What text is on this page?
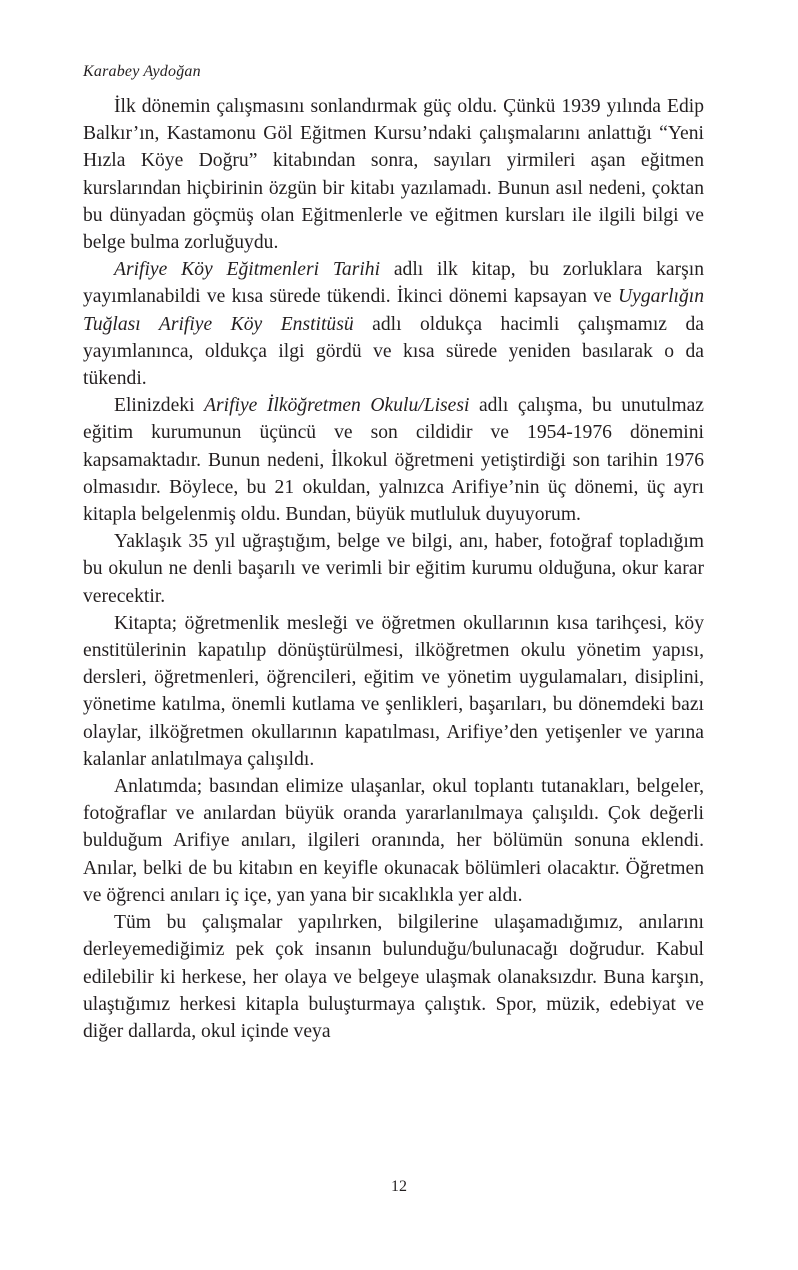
Karabey Aydoğan

İlk dönemin çalışmasını sonlandırmak güç oldu. Çünkü 1939 yılında Edip Balkır’ın, Kastamonu Göl Eğitmen Kursu’ndaki çalışmalarını anlattığı “Yeni Hızla Köye Doğru” kitabından sonra, sayıları yirmileri aşan eğitmen kurslarından hiçbirinin özgün bir kitabı yazılamadı. Bunun asıl nedeni, çoktan bu dünyadan göçmüş olan Eğitmenlerle ve eğitmen kursları ile ilgili bilgi ve belge bulma zorluğuydu.

Arifiye Köy Eğitmenleri Tarihi adlı ilk kitap, bu zorluklara karşın yayımlanabildi ve kısa sürede tükendi. İkinci dönemi kapsayan ve Uygarlığın Tuğlası Arifiye Köy Enstitüsü adlı oldukça hacimli çalışmamız da yayımlanınca, oldukça ilgi gördü ve kısa sürede yeniden basılarak o da tükendi.

Elinizdeki Arifiye İlköğretmen Okulu/Lisesi adlı çalışma, bu unutulmaz eğitim kurumunun üçüncü ve son cildidir ve 1954-1976 dönemini kapsamaktadır. Bunun nedeni, İlkokul öğretmeni yetiştirdiği son tarihin 1976 olmasıdır. Böylece, bu 21 okuldan, yalnızca Arifiye’nin üç dönemi, üç ayrı kitapla belgelenmiş oldu. Bundan, büyük mutluluk duyuyorum.

Yaklaşık 35 yıl uğraştığım, belge ve bilgi, anı, haber, fotoğraf topladığım bu okulun ne denli başarılı ve verimli bir eğitim kurumu olduğuna, okur karar verecektir.

Kitapta; öğretmenlik mesleği ve öğretmen okullarının kısa tarihçesi, köy enstitülerinin kapatılıp dönüştürülmesi, ilköğretmen okulu yönetim yapısı, dersleri, öğretmenleri, öğrencileri, eğitim ve yönetim uygulamaları, disiplini, yönetime katılma, önemli kutlama ve şenlikleri, başarıları, bu dönemdeki bazı olaylar, ilköğretmen okullarının kapatılması, Arifiye’den yetişenler ve yarına kalanlar anlatılmaya çalışıldı.

Anlatımda; basından elimize ulaşanlar, okul toplantı tutanakları, belgeler, fotoğraflar ve anılardan büyük oranda yararlanılmaya çalışıldı. Çok değerli bulduğum Arifiye anıları, ilgileri oranında, her bölümün sonuna eklendi. Anılar, belki de bu kitabın en keyifle okunacak bölümleri olacaktır. Öğretmen ve öğrenci anıları iç içe, yan yana bir sıcaklıkla yer aldı.

Tüm bu çalışmalar yapılırken, bilgilerine ulaşamadığımız, anılarını derleyemediğimiz pek çok insanın bulunduğu/bulunacağı doğrudur. Kabul edilebilir ki herkese, her olaya ve belgeye ulaşmak olanaksızdır. Buna karşın, ulaştığımız herkesi kitapla buluşturmaya çalıştık. Spor, müzik, edebiyat ve diğer dallarda, okul içinde veya

12
